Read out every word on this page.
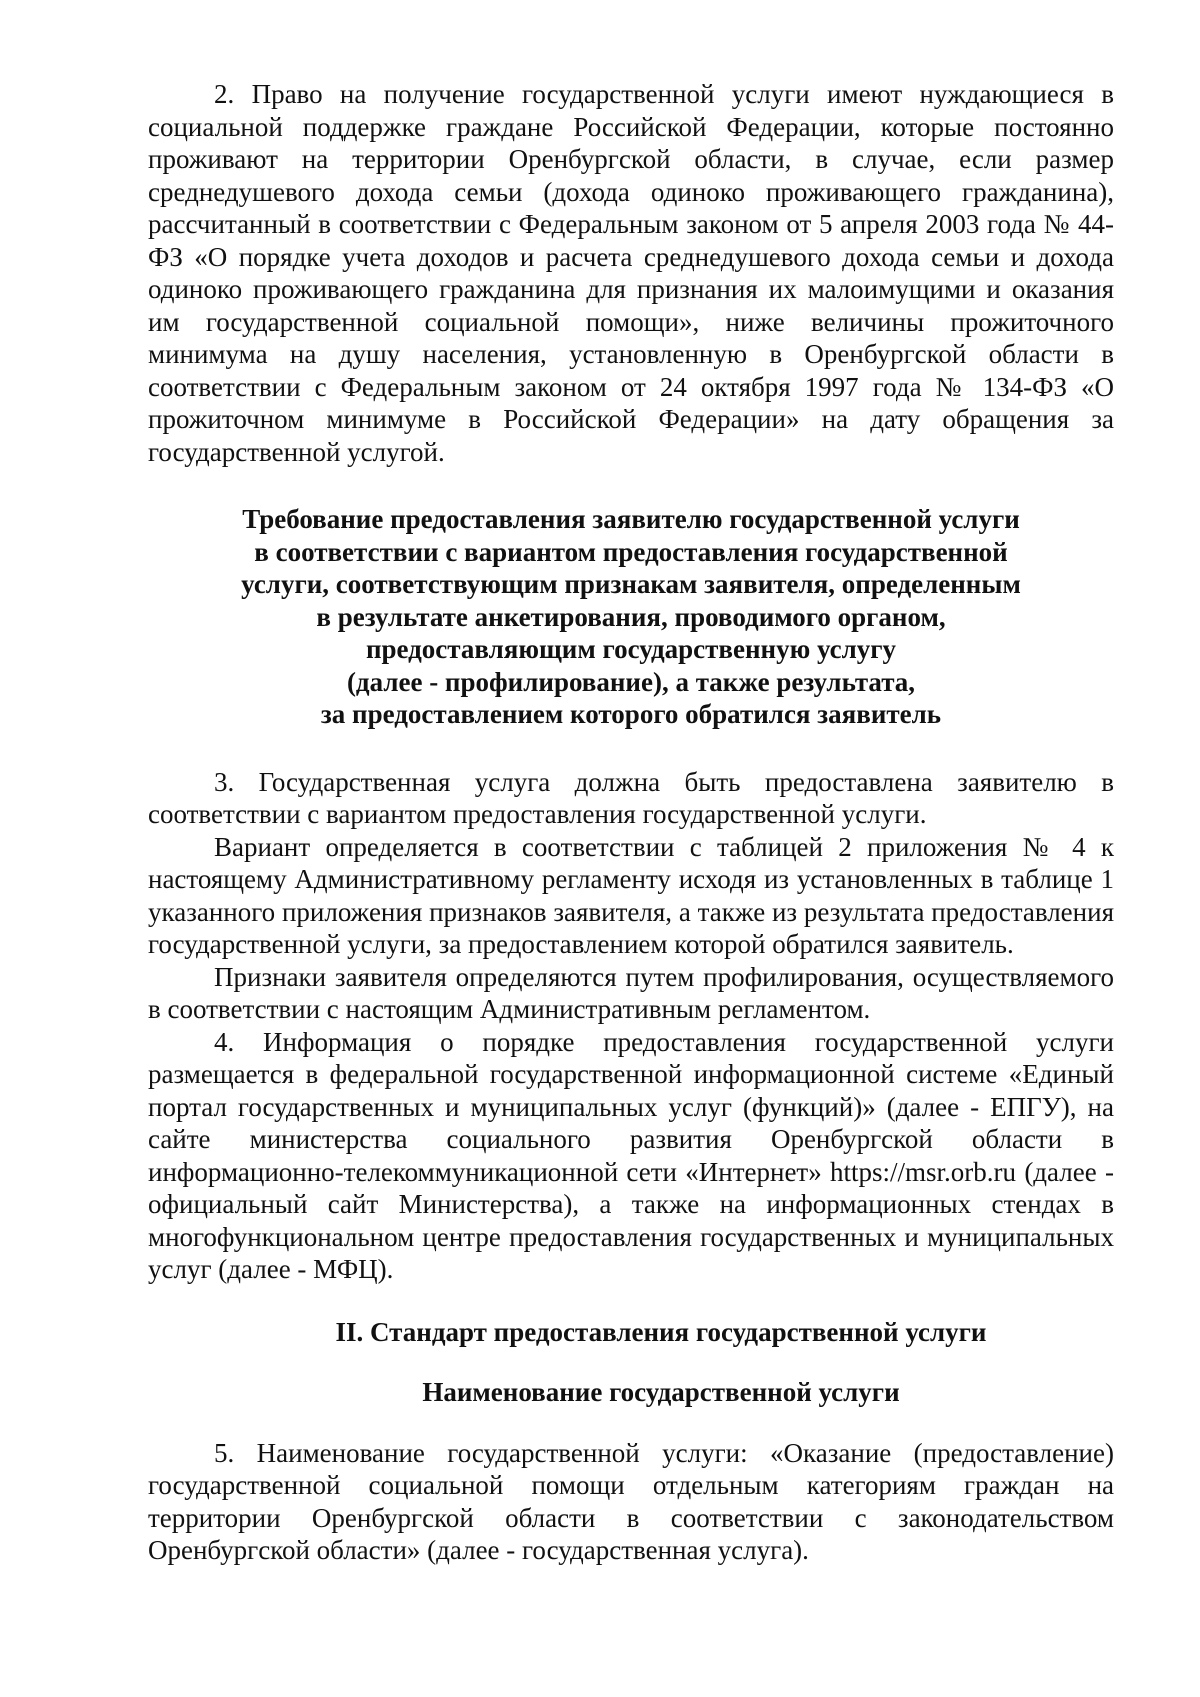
2. Право на получение государственной услуги имеют нуждающиеся в социальной поддержке граждане Российской Федерации, которые постоянно проживают на территории Оренбургской области, в случае, если размер среднедушевого дохода семьи (дохода одиноко проживающего гражданина), рассчитанный в соответствии с Федеральным законом от 5 апреля 2003 года № 44-ФЗ «О порядке учета доходов и расчета среднедушевого дохода семьи и дохода одиноко проживающего гражданина для признания их малоимущими и оказания им государственной социальной помощи», ниже величины прожиточного минимума на душу населения, установленную в Оренбургской области в соответствии с Федеральным законом от 24 октября 1997 года № 134-ФЗ «О прожиточном минимуме в Российской Федерации» на дату обращения за государственной услугой.

Требование предоставления заявителю государственной услуги
в соответствии с вариантом предоставления государственной
услуги, соответствующим признакам заявителя, определенным
в результате анкетирования, проводимого органом,
предоставляющим государственную услугу
(далее - профилирование), а также результата,
за предоставлением которого обратился заявитель

3. Государственная услуга должна быть предоставлена заявителю в соответствии с вариантом предоставления государственной услуги.

Вариант определяется в соответствии с таблицей 2 приложения № 4 к настоящему Административному регламенту исходя из установленных в таблице 1 указанного приложения признаков заявителя, а также из результата предоставления государственной услуги, за предоставлением которой обратился заявитель.

Признаки заявителя определяются путем профилирования, осуществляемого в соответствии с настоящим Административным регламентом.

4. Информация о порядке предоставления государственной услуги размещается в федеральной государственной информационной системе «Единый портал государственных и муниципальных услуг (функций)» (далее - ЕПГУ), на сайте министерства социального развития Оренбургской области в информационно-телекоммуникационной сети «Интернет» https://msr.orb.ru (далее - официальный сайт Министерства), а также на информационных стендах в многофункциональном центре предоставления государственных и муниципальных услуг (далее - МФЦ).

II. Стандарт предоставления государственной услуги

Наименование государственной услуги

5. Наименование государственной услуги: «Оказание (предоставление) государственной социальной помощи отдельным категориям граждан на территории Оренбургской области в соответствии с законодательством Оренбургской области» (далее - государственная услуга).
